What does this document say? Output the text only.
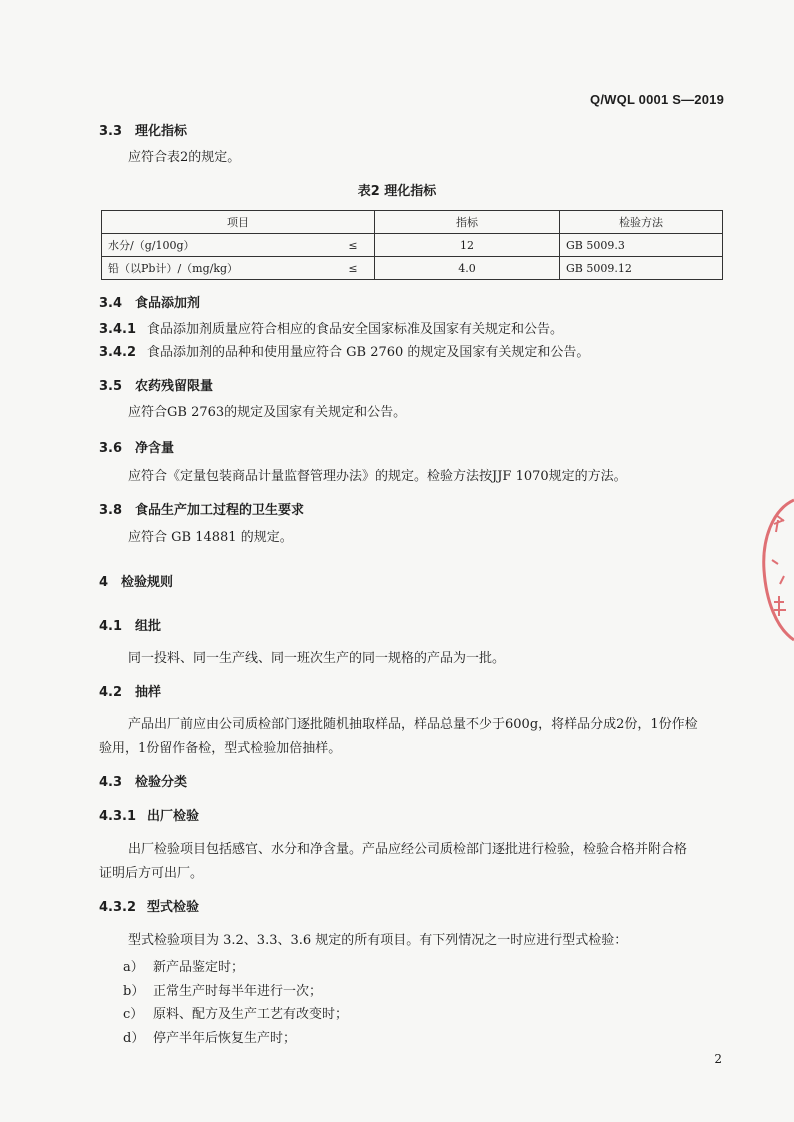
Q/WQL 0001 S—2019
3.3 理化指标
应符合表2的规定。
表2 理化指标
项目		指标	检验方法
水分/（g/100g）	≤	12	GB 5009.3
铅（以Pb计）/（mg/kg）	≤	4.0	GB 5009.12
3.4 食品添加剂
3.4.1 食品添加剂质量应符合相应的食品安全国家标准及国家有关规定和公告。
3.4.2 食品添加剂的品种和使用量应符合 GB 2760 的规定及国家有关规定和公告。
3.5 农药残留限量
应符合GB 2763的规定及国家有关规定和公告。
3.6 净含量
应符合《定量包装商品计量监督管理办法》的规定。检验方法按JJF 1070规定的方法。
3.8 食品生产加工过程的卫生要求
应符合 GB 14881 的规定。
4 检验规则
4.1 组批
同一投料、同一生产线、同一班次生产的同一规格的产品为一批。
4.2 抽样
产品出厂前应由公司质检部门逐批随机抽取样品，样品总量不少于600g，将样品分成2份，1份作检
验用，1份留作备检，型式检验加倍抽样。
4.3 检验分类
4.3.1 出厂检验
出厂检验项目包括感官、水分和净含量。产品应经公司质检部门逐批进行检验，检验合格并附合格
证明后方可出厂。
4.3.2 型式检验
型式检验项目为 3.2、3.3、3.6 规定的所有项目。有下列情况之一时应进行型式检验：
a） 新产品鉴定时；
b） 正常生产时每半年进行一次；
c） 原料、配方及生产工艺有改变时；
d） 停产半年后恢复生产时；
2
